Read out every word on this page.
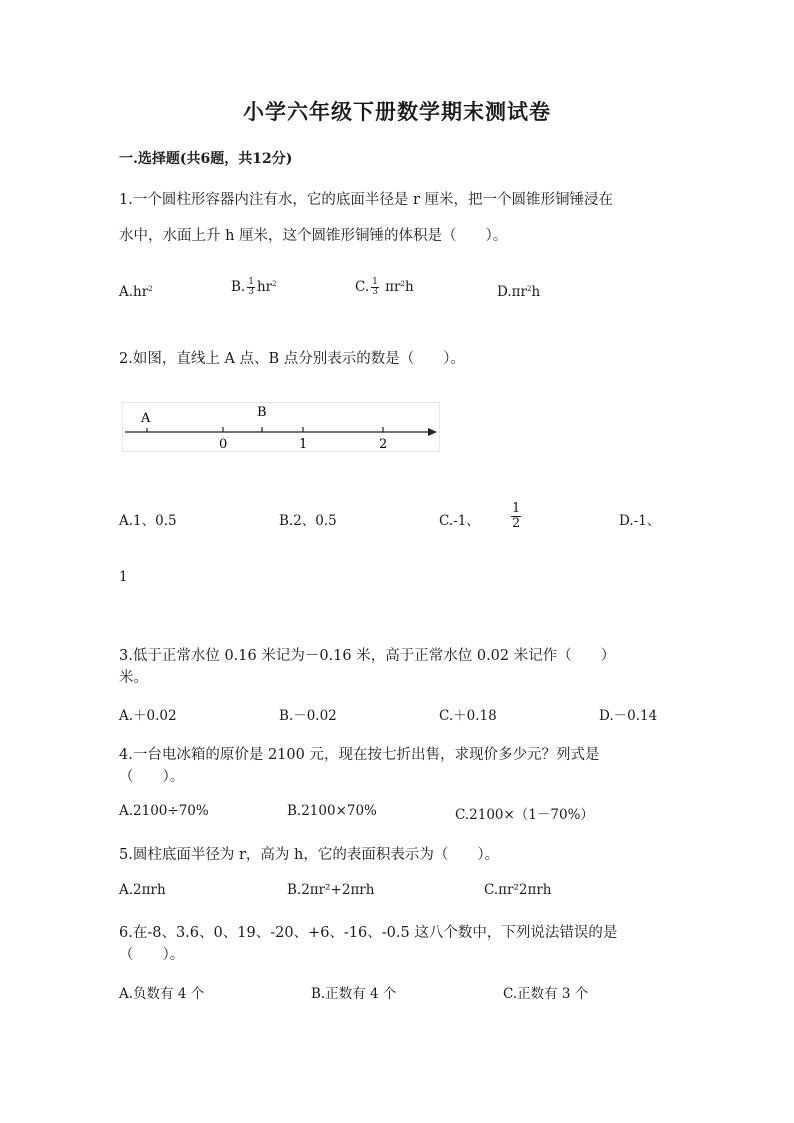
小学六年级下册数学期末测试卷
一.选择题(共6题，共12分)
1.一个圆柱形容器内注有水，它的底面半径是 r 厘米，把一个圆锥形铜锤浸在
水中，水面上升 h 厘米，这个圆锥形铜锤的体积是（　　）。
$A.hr^2$	B. $\frac{1}{3} hr^2$	C. $\frac{1}{3} \pi r^2h$	$D.\pi r^2h$
2.如图，直线上 A 点、B 点分别表示的数是（　　）。
A	B
0	1	2
A.1、0.5	B.2、0.5	C.-1、 $\frac{1}{2}$	D.-1、
1
3.低于正常水位 0.16 米记为－0.16 米，高于正常水位 0.02 米记作（　　）
米。
A.＋0.02	B.－0.02	C.＋0.18	D.－0.14
4.一台电冰箱的原价是 2100 元，现在按七折出售，求现价多少元？列式是
（　　）。
A.2100÷70%	B.2100×70%	C.2100×（1－70%）
5.圆柱底面半径为 r，高为 h，它的表面积表示为（　　）。
A.2πrh	B.2πr²+2πrh	C.πr²2πrh
6.在-8、3.6、0、19、-20、+6、-16、-0.5 这八个数中，下列说法错误的是
（　　）。
A.负数有 4 个	B.正数有 4 个	C.正数有 3 个
